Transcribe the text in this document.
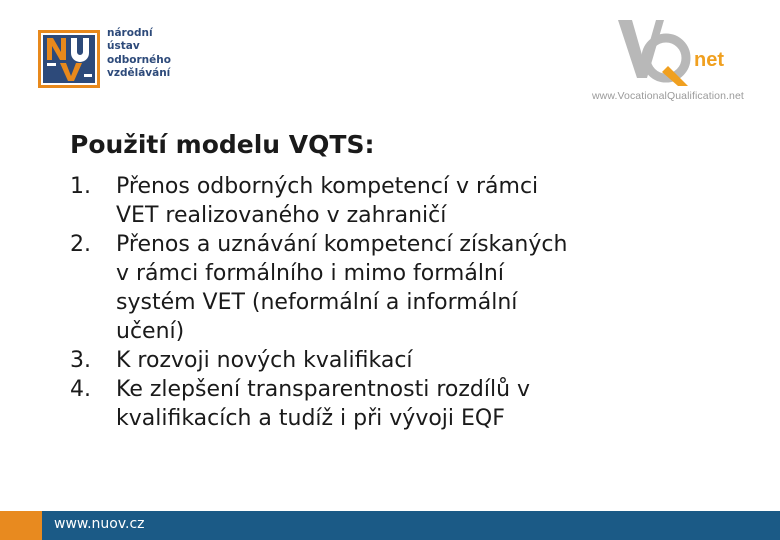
národní
ústav
odborného
vzdělávání
net
www.VocationalQualification.net
Použití modelu VQTS:
1. Přenos odborných kompetencí v rámci
VET realizovaného v zahraničí
2. Přenos a uznávání kompetencí získaných
v rámci formálního i mimo formální
systém VET (neformální a informální
učení)
3. K rozvoji nových kvalifikací
4. Ke zlepšení transparentnosti rozdílů v
kvalifikacích a tudíž i při vývoji EQF
www.nuov.cz
